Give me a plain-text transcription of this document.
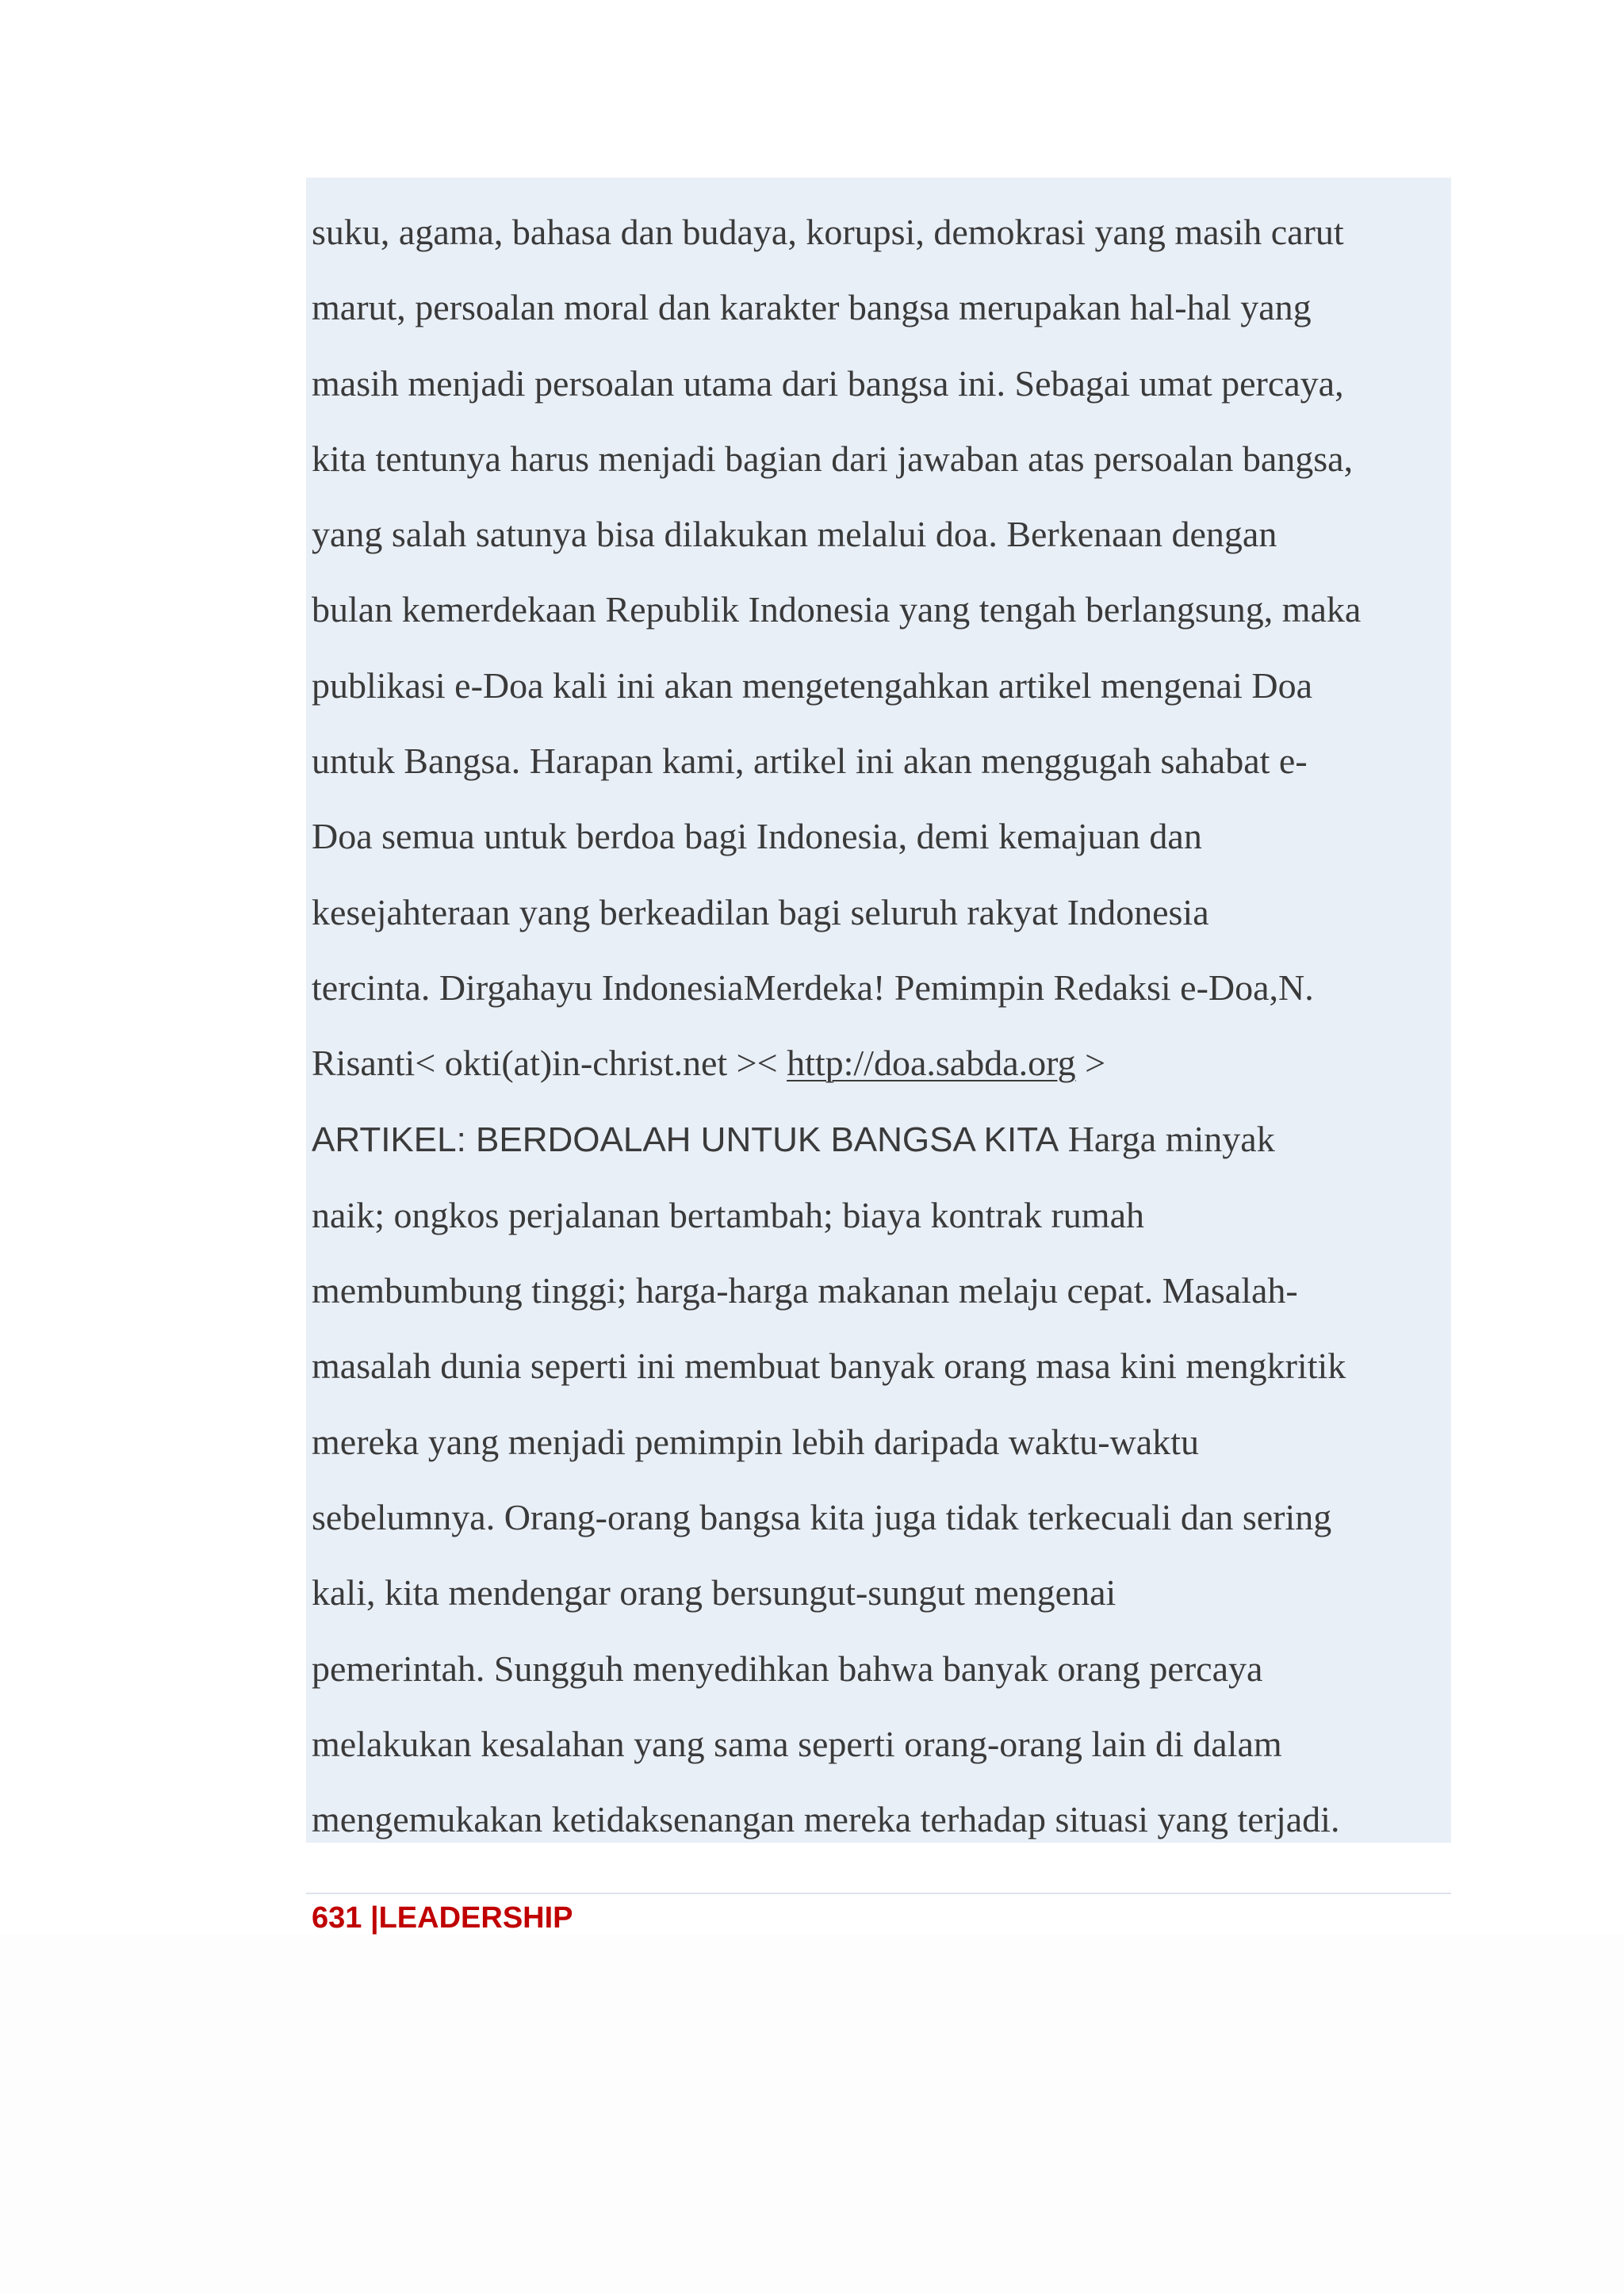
suku, agama, bahasa dan budaya, korupsi, demokrasi yang masih carut
marut, persoalan moral dan karakter bangsa merupakan hal-hal yang
masih menjadi persoalan utama dari bangsa ini. Sebagai umat percaya,
kita tentunya harus menjadi bagian dari jawaban atas persoalan bangsa,
yang salah satunya bisa dilakukan melalui doa. Berkenaan dengan
bulan kemerdekaan Republik Indonesia yang tengah berlangsung, maka
publikasi e-Doa kali ini akan mengetengahkan artikel mengenai Doa
untuk Bangsa. Harapan kami, artikel ini akan menggugah sahabat e-
Doa semua untuk berdoa bagi Indonesia, demi kemajuan dan
kesejahteraan yang berkeadilan bagi seluruh rakyat Indonesia
tercinta. Dirgahayu IndonesiaMerdeka! Pemimpin Redaksi e-Doa,N.
Risanti< okti(at)in-christ.net >< http://doa.sabda.org >
ARTIKEL: BERDOALAH UNTUK BANGSA KITA Harga minyak
naik; ongkos perjalanan bertambah; biaya kontrak rumah
membumbung tinggi; harga-harga makanan melaju cepat. Masalah-
masalah dunia seperti ini membuat banyak orang masa kini mengkritik
mereka yang menjadi pemimpin lebih daripada waktu-waktu
sebelumnya. Orang-orang bangsa kita juga tidak terkecuali dan sering
kali, kita mendengar orang bersungut-sungut mengenai
pemerintah. Sungguh menyedihkan bahwa banyak orang percaya
melakukan kesalahan yang sama seperti orang-orang lain di dalam
mengemukakan ketidaksenangan mereka terhadap situasi yang terjadi.
631 |LEADERSHIP
